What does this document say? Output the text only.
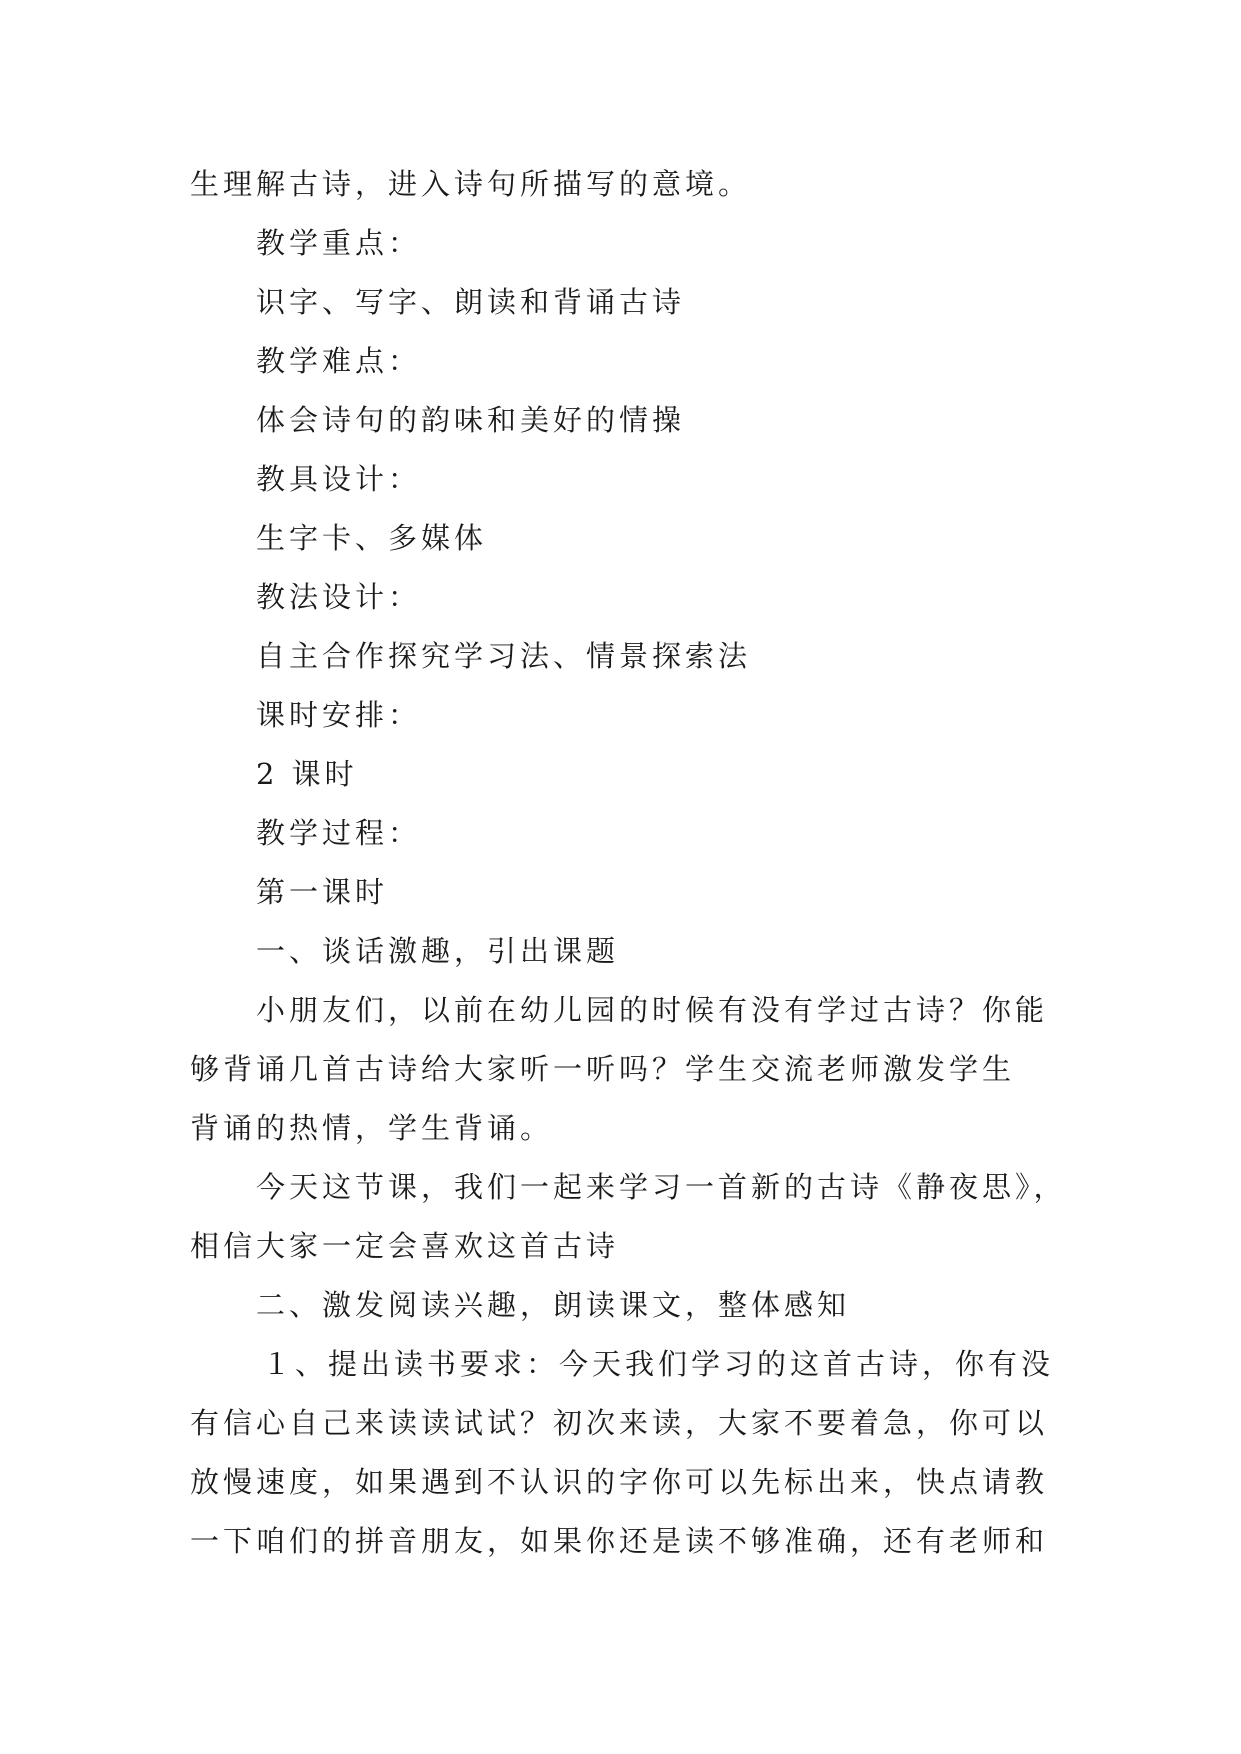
生理解古诗，进入诗句所描写的意境。
教学重点：
识字、写字、朗读和背诵古诗
教学难点：
体会诗句的韵味和美好的情操
教具设计：
生字卡、多媒体
教法设计：
自主合作探究学习法、情景探索法
课时安排：
2 课时
教学过程：
第一课时
一、谈话激趣，引出课题
小朋友们，以前在幼儿园的时候有没有学过古诗？你能
够背诵几首古诗给大家听一听吗？学生交流老师激发学生
背诵的热情，学生背诵。
今天这节课，我们一起来学习一首新的古诗《静夜思》，
相信大家一定会喜欢这首古诗
二、激发阅读兴趣，朗读课文，整体感知
１、提出读书要求：今天我们学习的这首古诗，你有没
有信心自己来读读试试？初次来读，大家不要着急，你可以
放慢速度，如果遇到不认识的字你可以先标出来，快点请教
一下咱们的拼音朋友，如果你还是读不够准确，还有老师和
